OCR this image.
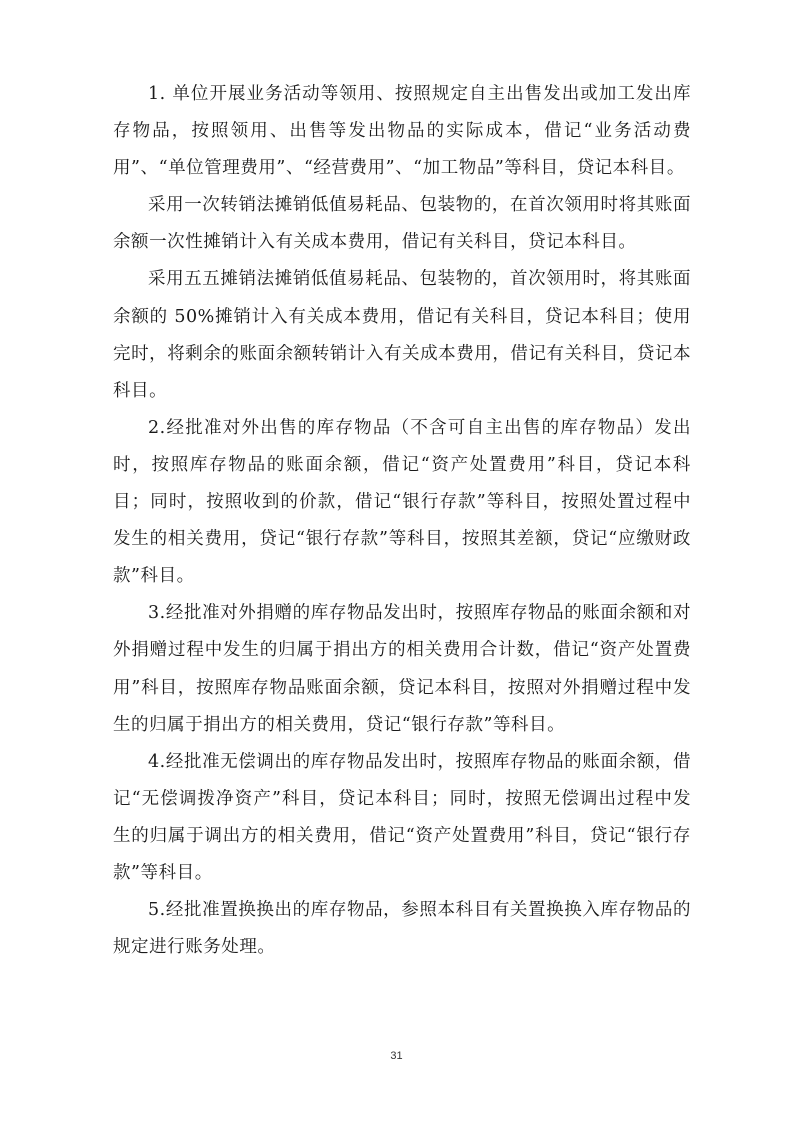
1. 单位开展业务活动等领用、按照规定自主出售发出或加工发出库存物品，按照领用、出售等发出物品的实际成本，借记“业务活动费用”、“单位管理费用”、“经营费用”、“加工物品”等科目，贷记本科目。

采用一次转销法摊销低值易耗品、包装物的，在首次领用时将其账面余额一次性摊销计入有关成本费用，借记有关科目，贷记本科目。

采用五五摊销法摊销低值易耗品、包装物的，首次领用时，将其账面余额的 50%摊销计入有关成本费用，借记有关科目，贷记本科目；使用完时，将剩余的账面余额转销计入有关成本费用，借记有关科目，贷记本科目。

2.经批准对外出售的库存物品（不含可自主出售的库存物品）发出时，按照库存物品的账面余额，借记“资产处置费用”科目，贷记本科目；同时，按照收到的价款，借记“银行存款”等科目，按照处置过程中发生的相关费用，贷记“银行存款”等科目，按照其差额，贷记“应缴财政款”科目。

3.经批准对外捐赠的库存物品发出时，按照库存物品的账面余额和对外捐赠过程中发生的归属于捐出方的相关费用合计数，借记“资产处置费用”科目，按照库存物品账面余额，贷记本科目，按照对外捐赠过程中发生的归属于捐出方的相关费用，贷记“银行存款”等科目。

4.经批准无偿调出的库存物品发出时，按照库存物品的账面余额，借记“无偿调拨净资产”科目，贷记本科目；同时，按照无偿调出过程中发生的归属于调出方的相关费用，借记“资产处置费用”科目，贷记“银行存款”等科目。

5.经批准置换换出的库存物品，参照本科目有关置换换入库存物品的规定进行账务处理。

31
